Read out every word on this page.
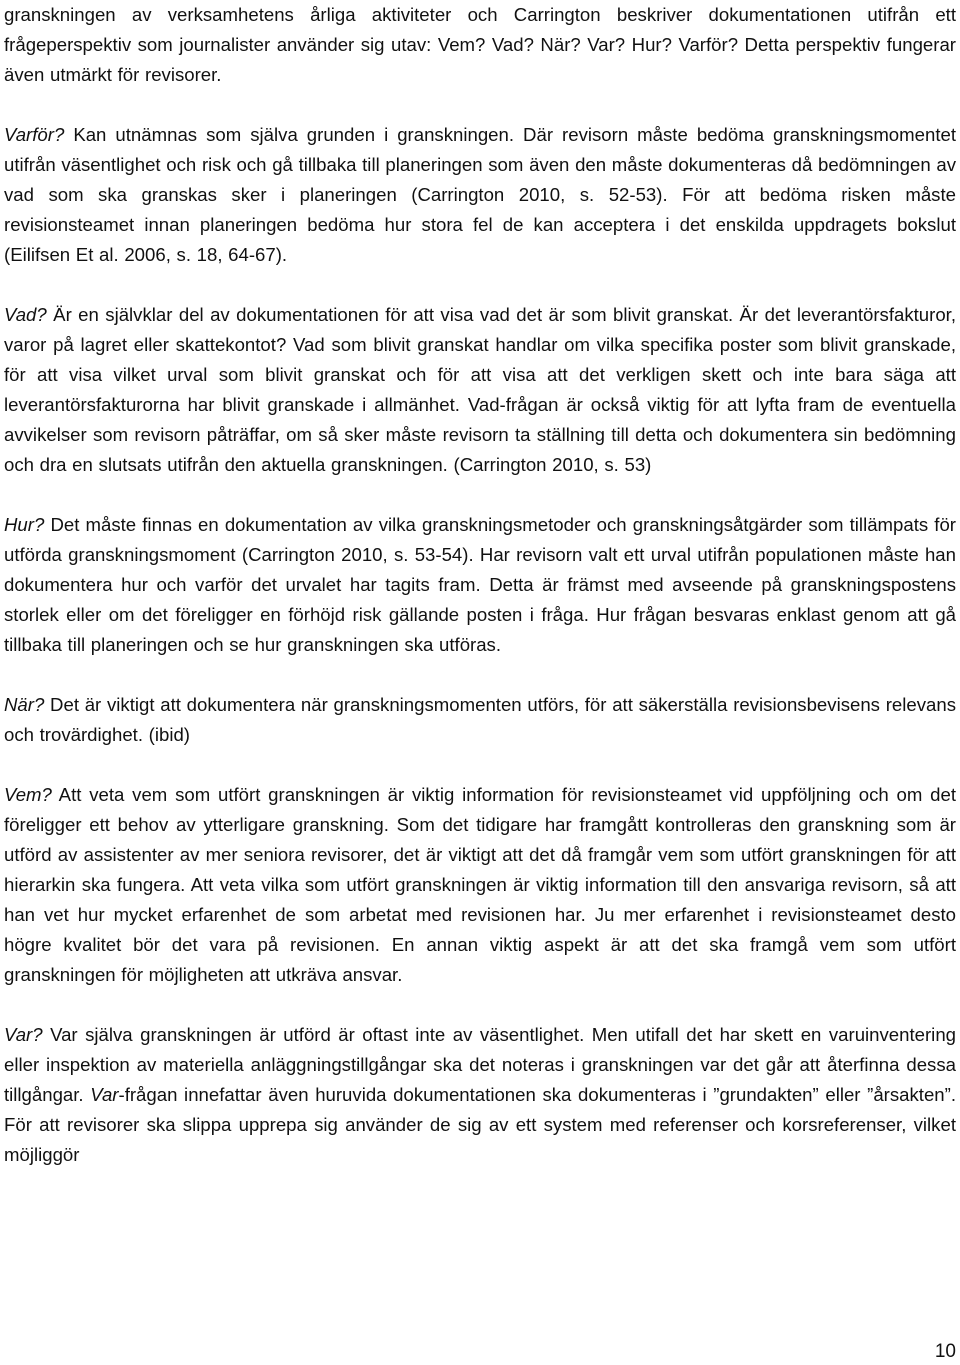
granskningen av verksamhetens årliga aktiviteter och Carrington beskriver dokumentationen utifrån ett frågeperspektiv som journalister använder sig utav: Vem? Vad? När? Var? Hur? Varför? Detta perspektiv fungerar även utmärkt för revisorer.

Varför? Kan utnämnas som själva grunden i granskningen. Där revisorn måste bedöma granskningsmomentet utifrån väsentlighet och risk och gå tillbaka till planeringen som även den måste dokumenteras då bedömningen av vad som ska granskas sker i planeringen (Carrington 2010, s. 52-53). För att bedöma risken måste revisionsteamet innan planeringen bedöma hur stora fel de kan acceptera i det enskilda uppdragets bokslut (Eilifsen Et al. 2006, s. 18, 64-67).

Vad? Är en självklar del av dokumentationen för att visa vad det är som blivit granskat. Är det leverantörsfakturor, varor på lagret eller skattekontot? Vad som blivit granskat handlar om vilka specifika poster som blivit granskade, för att visa vilket urval som blivit granskat och för att visa att det verkligen skett och inte bara säga att leverantörsfakturorna har blivit granskade i allmänhet. Vad-frågan är också viktig för att lyfta fram de eventuella avvikelser som revisorn påträffar, om så sker måste revisorn ta ställning till detta och dokumentera sin bedömning och dra en slutsats utifrån den aktuella granskningen. (Carrington 2010, s. 53)

Hur? Det måste finnas en dokumentation av vilka granskningsmetoder och granskningsåtgärder som tillämpats för utförda granskningsmoment (Carrington 2010, s. 53-54). Har revisorn valt ett urval utifrån populationen måste han dokumentera hur och varför det urvalet har tagits fram. Detta är främst med avseende på granskningspostens storlek eller om det föreligger en förhöjd risk gällande posten i fråga. Hur frågan besvaras enklast genom att gå tillbaka till planeringen och se hur granskningen ska utföras.

När? Det är viktigt att dokumentera när granskningsmomenten utförs, för att säkerställa revisionsbevisens relevans och trovärdighet. (ibid)

Vem? Att veta vem som utfört granskningen är viktig information för revisionsteamet vid uppföljning och om det föreligger ett behov av ytterligare granskning. Som det tidigare har framgått kontrolleras den granskning som är utförd av assistenter av mer seniora revisorer, det är viktigt att det då framgår vem som utfört granskningen för att hierarkin ska fungera. Att veta vilka som utfört granskningen är viktig information till den ansvariga revisorn, så att han vet hur mycket erfarenhet de som arbetat med revisionen har. Ju mer erfarenhet i revisionsteamet desto högre kvalitet bör det vara på revisionen. En annan viktig aspekt är att det ska framgå vem som utfört granskningen för möjligheten att utkräva ansvar.

Var? Var själva granskningen är utförd är oftast inte av väsentlighet. Men utifall det har skett en varuinventering eller inspektion av materiella anläggningstillgångar ska det noteras i granskningen var det går att återfinna dessa tillgångar. Var-frågan innefattar även huruvida dokumentationen ska dokumenteras i ”grundakten” eller ”årsakten”. För att revisorer ska slippa upprepa sig använder de sig av ett system med referenser och korsreferenser, vilket möjliggör

10
